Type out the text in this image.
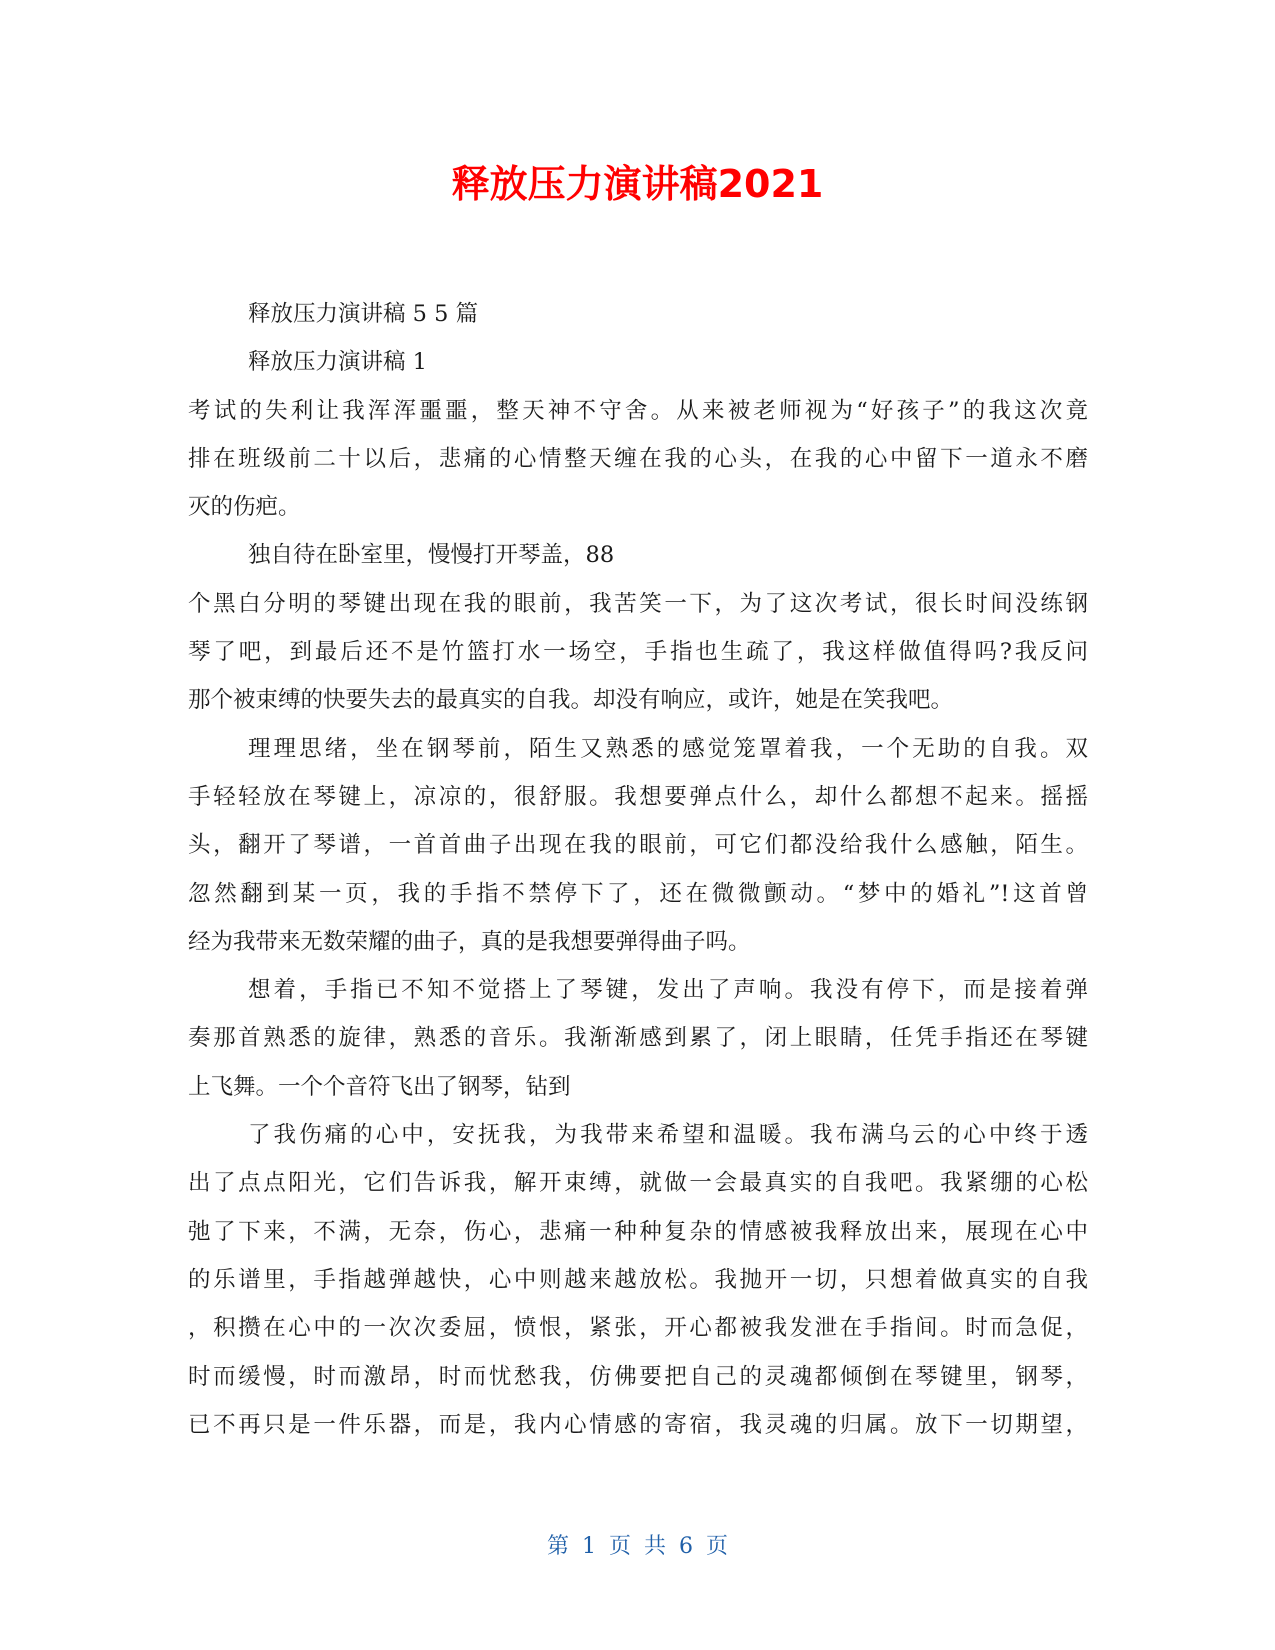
释放压力演讲稿2021
释放压力演讲稿 5 5 篇
释放压力演讲稿 1
考试的失利让我浑浑噩噩，整天神不守舍。从来被老师视为“好孩子”的我这次竟
排在班级前二十以后，悲痛的心情整天缠在我的心头，在我的心中留下一道永不磨
灭的伤疤。
独自待在卧室里，慢慢打开琴盖，88
个黑白分明的琴键出现在我的眼前，我苦笑一下，为了这次考试，很长时间没练钢
琴了吧，到最后还不是竹篮打水一场空，手指也生疏了，我这样做值得吗?我反问
那个被束缚的快要失去的最真实的自我。却没有响应，或许，她是在笑我吧。
理理思绪，坐在钢琴前，陌生又熟悉的感觉笼罩着我，一个无助的自我。双
手轻轻放在琴键上，凉凉的，很舒服。我想要弹点什么，却什么都想不起来。摇摇
头，翻开了琴谱，一首首曲子出现在我的眼前，可它们都没给我什么感触，陌生。
忽然翻到某一页，我的手指不禁停下了，还在微微颤动。“梦中的婚礼”!这首曾
经为我带来无数荣耀的曲子，真的是我想要弹得曲子吗。
想着，手指已不知不觉搭上了琴键，发出了声响。我没有停下，而是接着弹
奏那首熟悉的旋律，熟悉的音乐。我渐渐感到累了，闭上眼睛，任凭手指还在琴键
上飞舞。一个个音符飞出了钢琴，钻到
了我伤痛的心中，安抚我，为我带来希望和温暖。我布满乌云的心中终于透
出了点点阳光，它们告诉我，解开束缚，就做一会最真实的自我吧。我紧绷的心松
弛了下来，不满，无奈，伤心，悲痛一种种复杂的情感被我释放出来，展现在心中
的乐谱里，手指越弹越快，心中则越来越放松。我抛开一切，只想着做真实的自我
，积攒在心中的一次次委屈，愤恨，紧张，开心都被我发泄在手指间。时而急促，
时而缓慢，时而激昂，时而忧愁我，仿佛要把自己的灵魂都倾倒在琴键里，钢琴，
已不再只是一件乐器，而是，我内心情感的寄宿，我灵魂的归属。放下一切期望，
第 1 页 共 6 页
